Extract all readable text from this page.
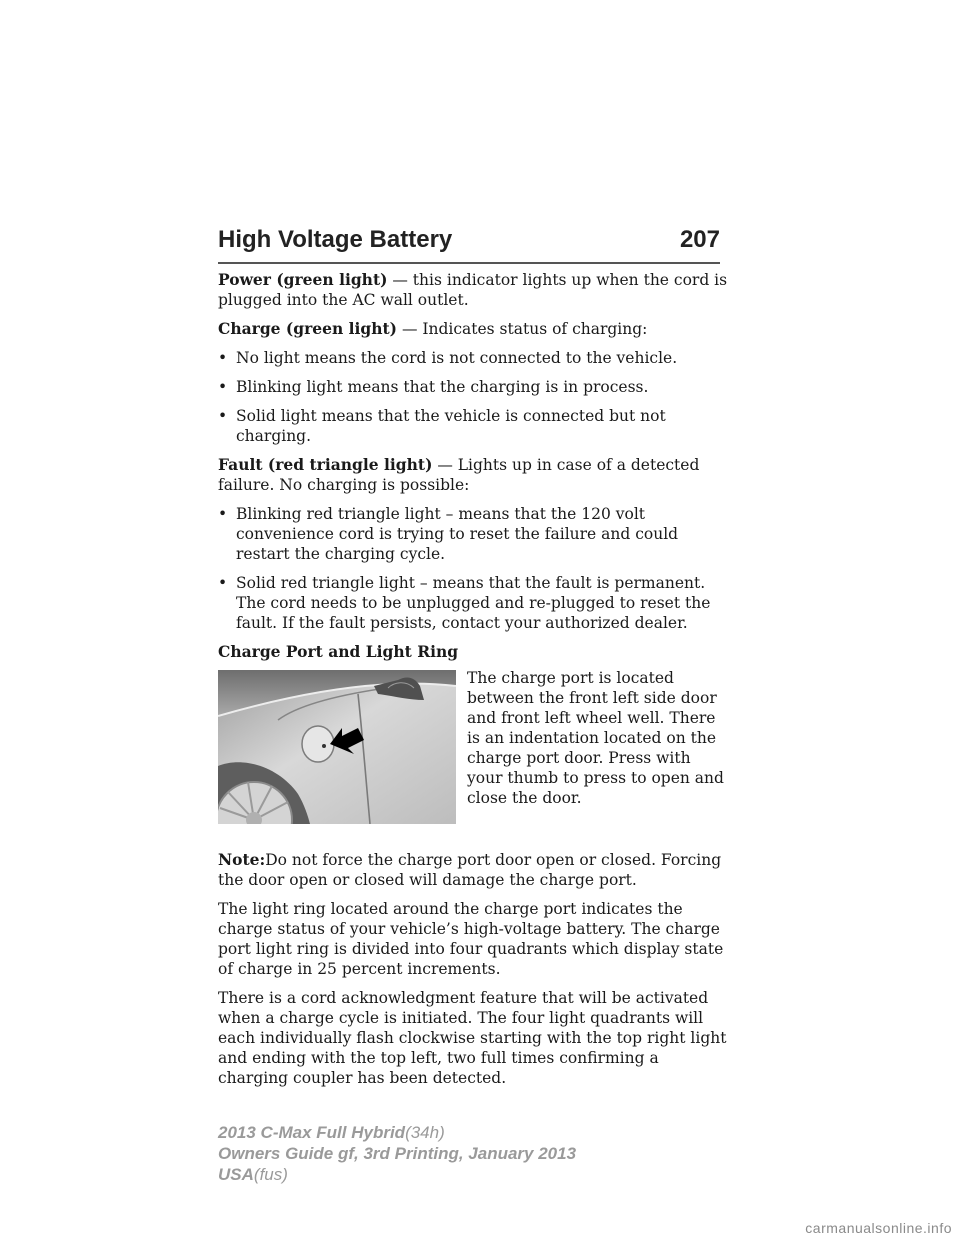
High Voltage Battery	207

Power (green light) — this indicator lights up when the cord is plugged into the AC wall outlet.

Charge (green light) — Indicates status of charging:

• No light means the cord is not connected to the vehicle.
• Blinking light means that the charging is in process.
• Solid light means that the vehicle is connected but not charging.

Fault (red triangle light) — Lights up in case of a detected failure. No charging is possible:

• Blinking red triangle light – means that the 120 volt convenience cord is trying to reset the failure and could restart the charging cycle.
• Solid red triangle light – means that the fault is permanent. The cord needs to be unplugged and re-plugged to reset the fault. If the fault persists, contact your authorized dealer.

Charge Port and Light Ring

The charge port is located between the front left side door and front left wheel well. There is an indentation located on the charge port door. Press with your thumb to press to open and close the door.

Note:Do not force the charge port door open or closed. Forcing the door open or closed will damage the charge port.

The light ring located around the charge port indicates the charge status of your vehicle’s high-voltage battery. The charge port light ring is divided into four quadrants which display state of charge in 25 percent increments.

There is a cord acknowledgment feature that will be activated when a charge cycle is initiated. The four light quadrants will each individually flash clockwise starting with the top right light and ending with the top left, two full times confirming a charging coupler has been detected.

2013 C-Max Full Hybrid(34h)
Owners Guide gf, 3rd Printing, January 2013
USA(fus)
carmanualsonline.info
